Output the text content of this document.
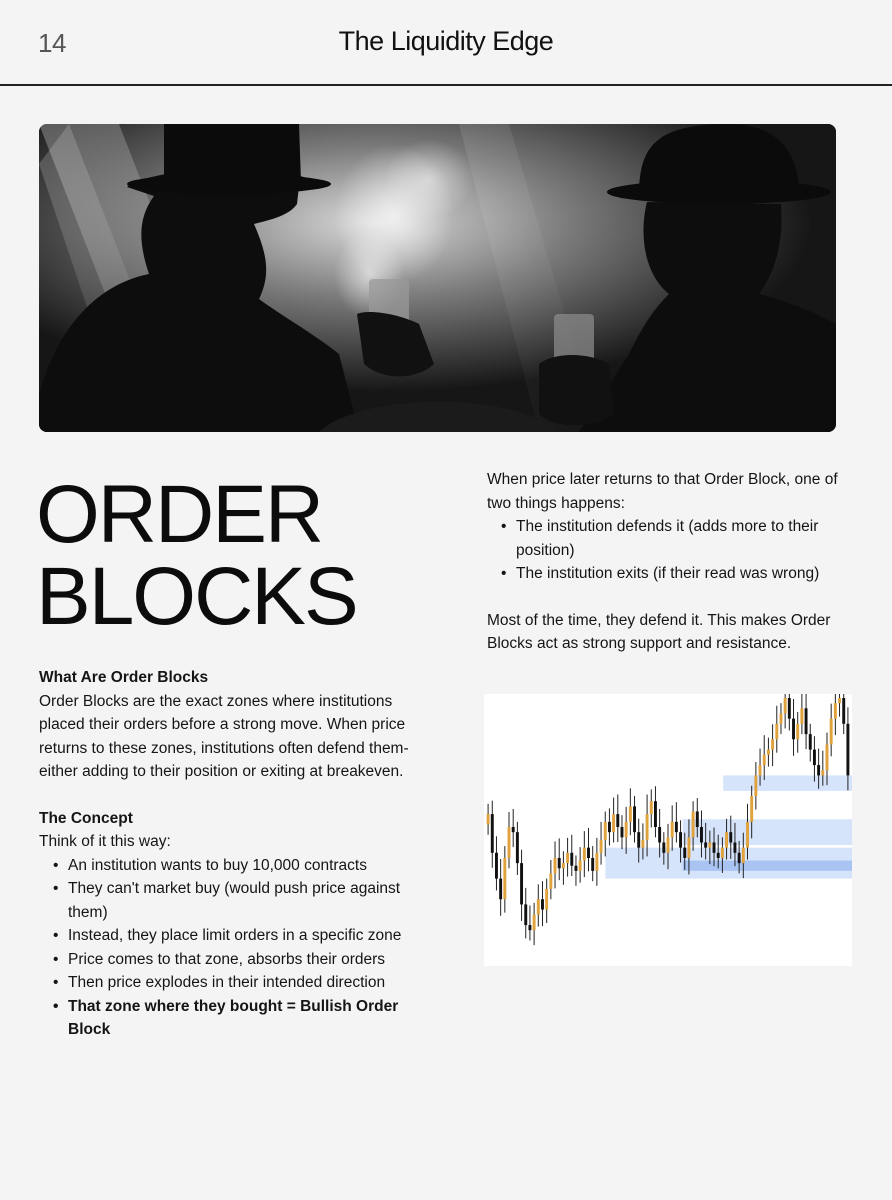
14	The Liquidity Edge
ORDER
BLOCKS

What Are Order Blocks

Order Blocks are the exact zones where institutions placed their orders before a strong move. When price returns to these zones, institutions often defend them-either adding to their position or exiting at breakeven.

The Concept

Think of it this way:

• An institution wants to buy 10,000 contracts
• They can't market buy (would push price against them)
• Instead, they place limit orders in a specific zone
• Price comes to that zone, absorbs their orders
• Then price explodes in their intended direction
• That zone where they bought = Bullish Order Block

When price later returns to that Order Block, one of two things happens:

• The institution defends it (adds more to their position)
• The institution exits (if their read was wrong)

Most of the time, they defend it. This makes Order Blocks act as strong support and resistance.
